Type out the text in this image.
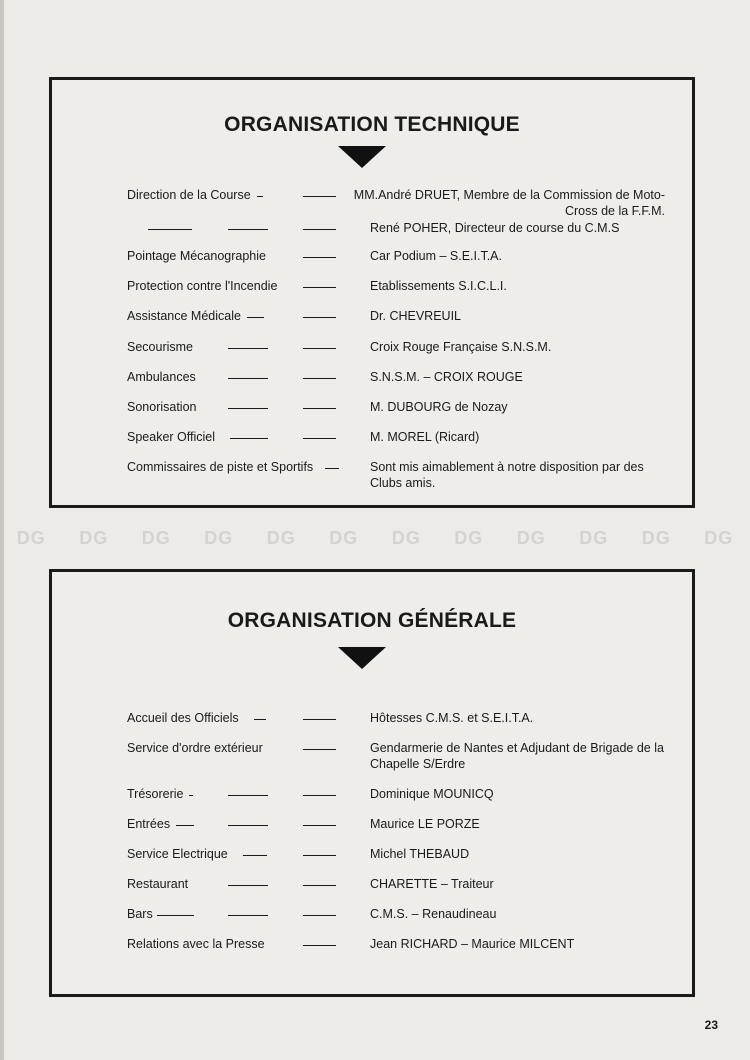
DG DG DG DG DG DG DG DG DG DG DG DG
ORGANISATION TECHNIQUE
Direction de la Course	MM.André DRUET, Membre de la Commission de Moto-Cross de la F.F.M.
René POHER, Directeur de course du C.M.S
Pointage Mécanographie	Car Podium – S.E.I.T.A.
Protection contre l'Incendie	Etablissements S.I.C.L.I.
Assistance Médicale	Dr. CHEVREUIL
Secourisme	Croix Rouge Française S.N.S.M.
Ambulances	S.N.S.M. – CROIX ROUGE
Sonorisation	M. DUBOURG de Nozay
Speaker Officiel	M. MOREL (Ricard)
Commissaires de piste et Sportifs	Sont mis aimablement à notre disposition par des Clubs amis.
ORGANISATION GÉNÉRALE
Accueil des Officiels	Hôtesses C.M.S. et S.E.I.T.A.
Service d'ordre extérieur	Gendarmerie de Nantes et Adjudant de Brigade de la Chapelle S/Erdre
Trésorerie	Dominique MOUNICQ
Entrées	Maurice LE PORZE
Service Electrique	Michel THEBAUD
Restaurant	CHARETTE – Traiteur
Bars	C.M.S. – Renaudineau
Relations avec la Presse	Jean RICHARD – Maurice MILCENT
23
